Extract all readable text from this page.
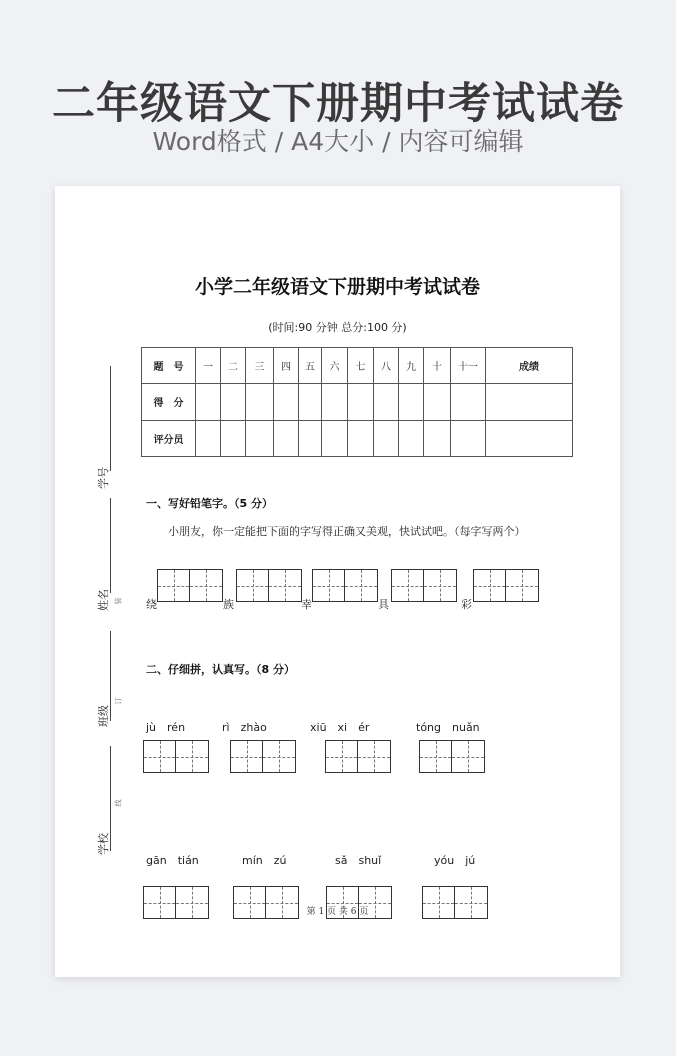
二年级语文下册期中考试试卷
Word格式 / A4大小 / 内容可编辑
小学二年级语文下册期中考试试卷
(时间:90 分钟 总分:100 分)
学号
姓名
班级
学校
装
订
线
题　号	一	二	三	四	五	六	七	八	九	十	十一	成绩
得　分												
评分员												
一、写好铅笔字。（5 分）
小朋友，你一定能把下面的字写得正确又美观，快试试吧。（每字写两个）
绕	族	幸	具	彩
二、仔细拼，认真写。（8 分）
jù　rén	rì　zhào	xiū　xi　ér	tóng　nuǎn
gān　tián	mín　zú	sǎ　shuǐ	yóu　jú
第 1 页 共 6 页
